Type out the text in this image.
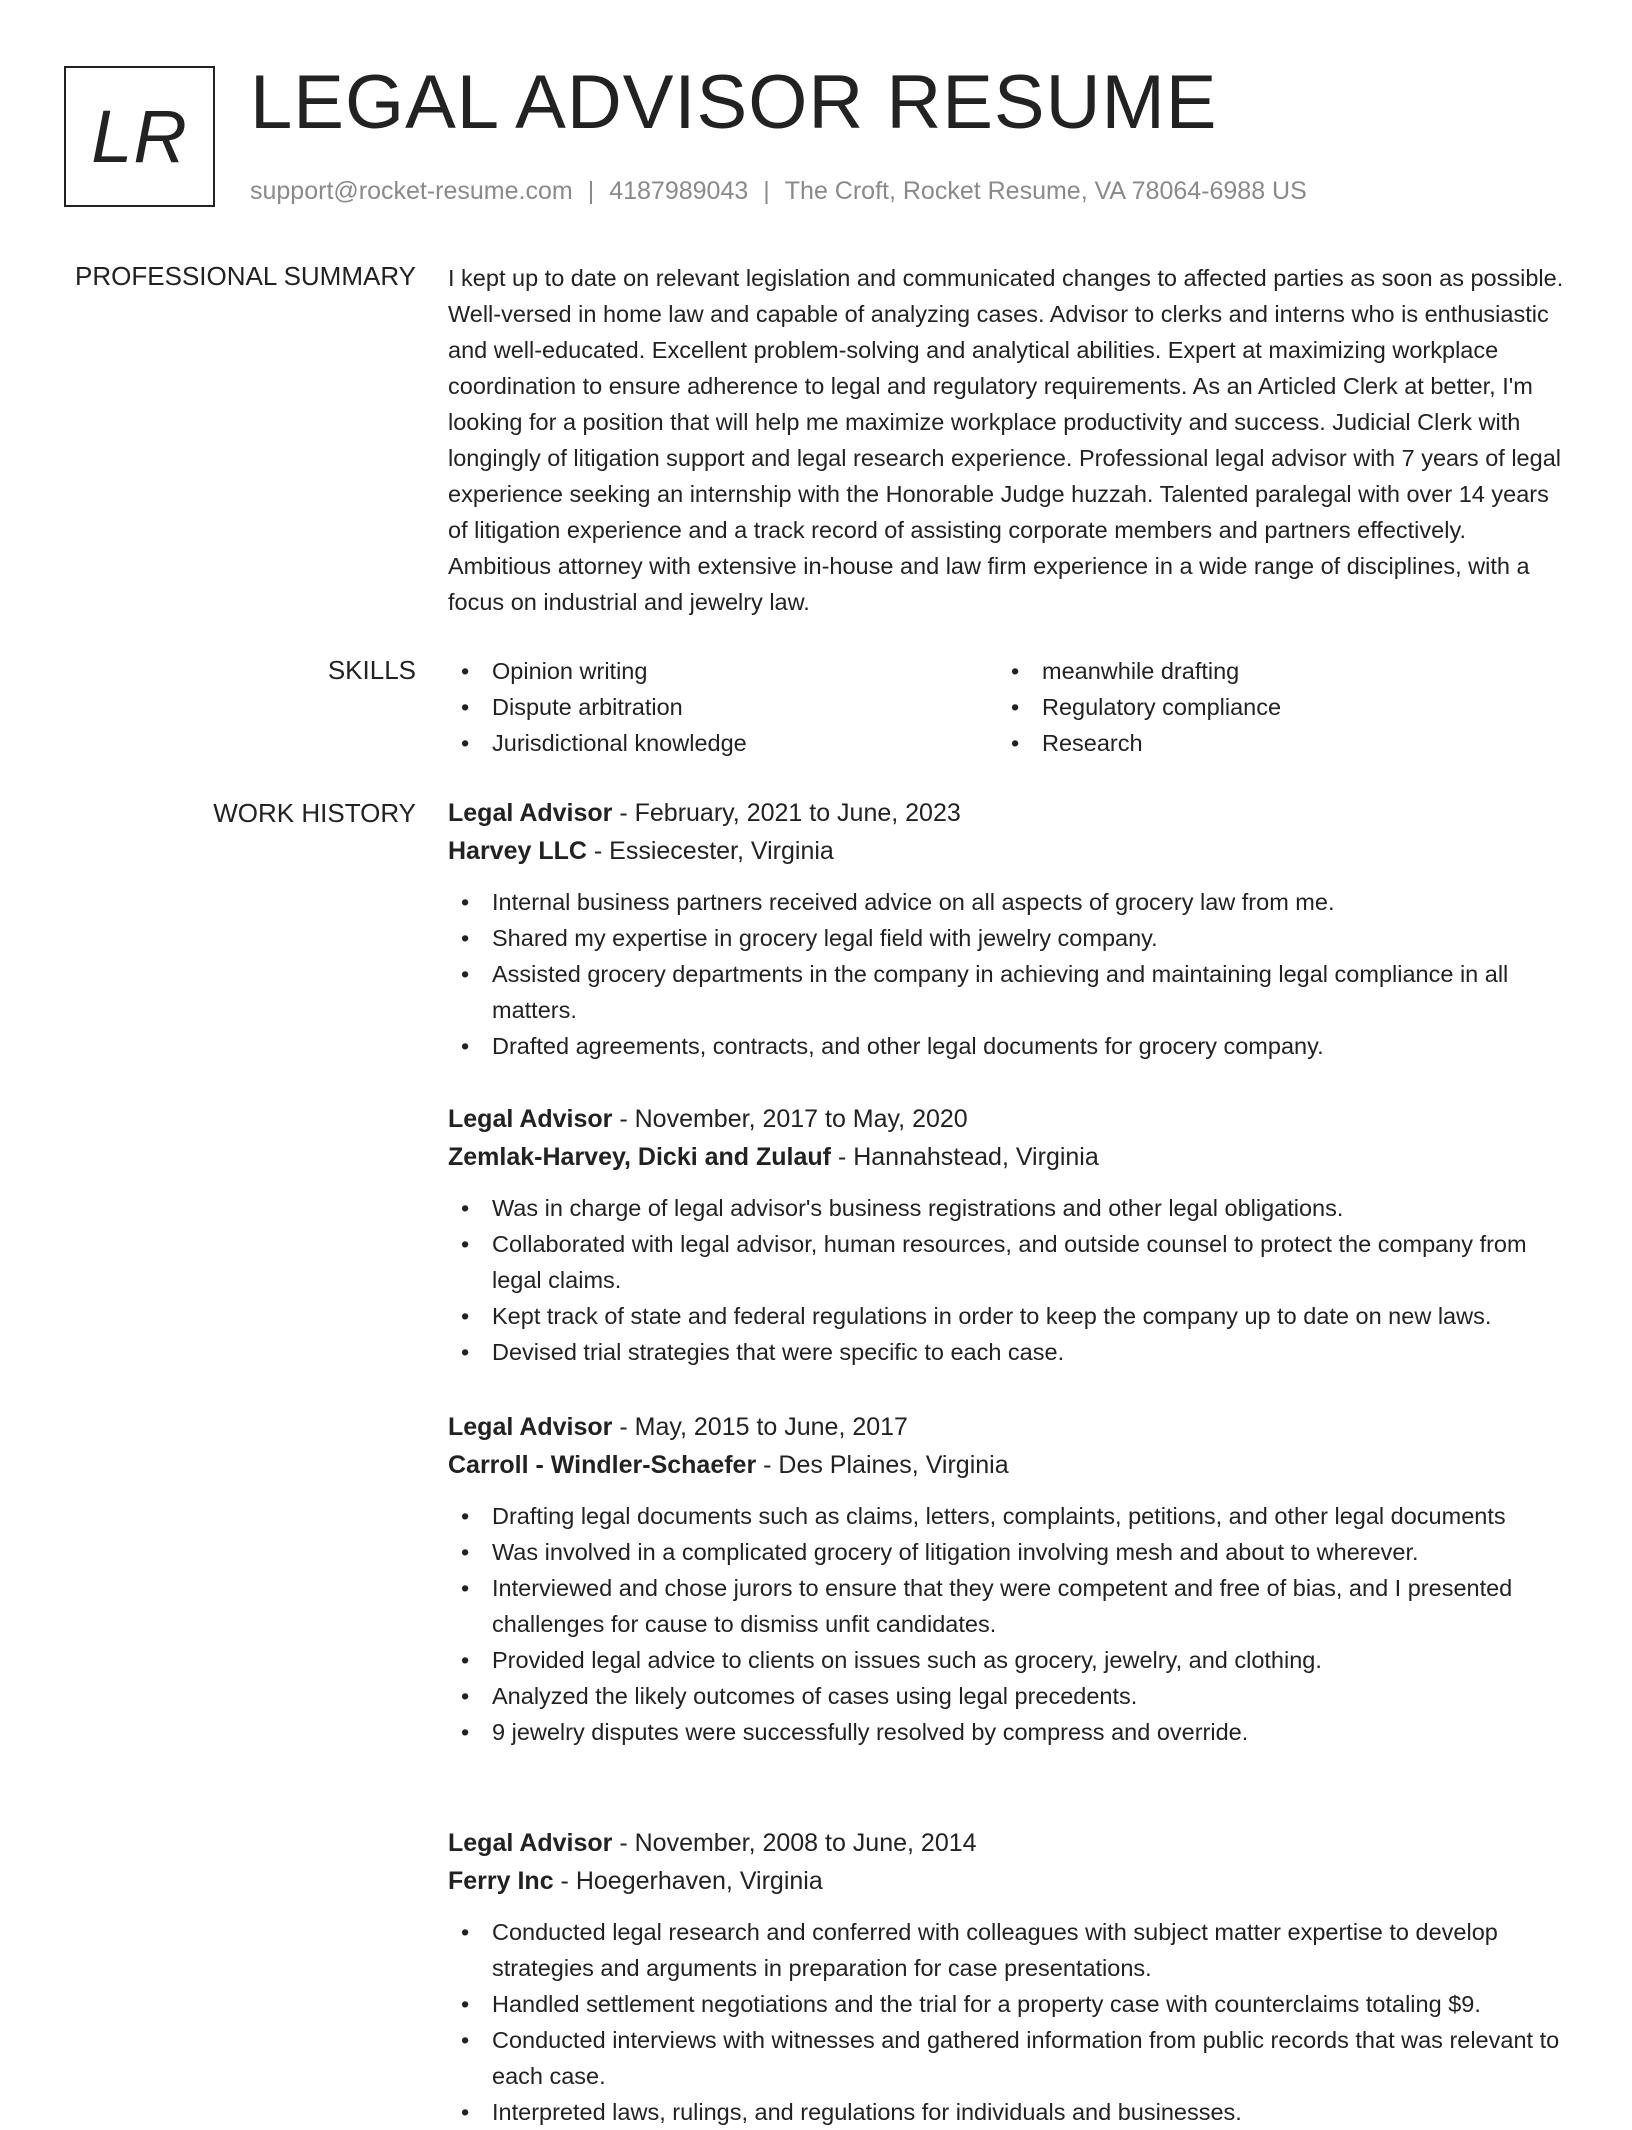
LR LEGAL ADVISOR RESUME
support@rocket-resume.com | 4187989043 | The Croft, Rocket Resume, VA 78064-6988 US
PROFESSIONAL SUMMARY I kept up to date on relevant legislation and communicated changes to affected parties as soon as possible. Well-versed in home law and capable of analyzing cases. Advisor to clerks and interns who is enthusiastic and well-educated. Excellent problem-solving and analytical abilities. Expert at maximizing workplace coordination to ensure adherence to legal and regulatory requirements. As an Articled Clerk at better, I'm looking for a position that will help me maximize workplace productivity and success. Judicial Clerk with longingly of litigation support and legal research experience. Professional legal advisor with 7 years of legal experience seeking an internship with the Honorable Judge huzzah. Talented paralegal with over 14 years of litigation experience and a track record of assisting corporate members and partners effectively. Ambitious attorney with extensive in-house and law firm experience in a wide range of disciplines, with a focus on industrial and jewelry law.

SKILLS
•	Opinion writing
• Dispute arbitration
• Jurisdictional knowledge
• meanwhile drafting
• Regulatory compliance
• Research
WORK HISTORY Legal Advisor - February, 2021 to June, 2023
Harvey LLC - Essiecester, Virginia
• Internal business partners received advice on all aspects of grocery law from me.
• Shared my expertise in grocery legal field with jewelry company.
• Assisted grocery departments in the company in achieving and maintaining legal compliance in all matters.
• Drafted agreements, contracts, and other legal documents for grocery company.
Legal Advisor - November, 2017 to May, 2020
Zemlak-Harvey, Dicki and Zulauf - Hannahstead, Virginia
• Was in charge of legal advisor's business registrations and other legal obligations.
• Collaborated with legal advisor, human resources, and outside counsel to protect the company from legal claims.
• Kept track of state and federal regulations in order to keep the company up to date on new laws.
• Devised trial strategies that were specific to each case.
Legal Advisor - May, 2015 to June, 2017
Carroll - Windler-Schaefer - Des Plaines, Virginia
• Drafting legal documents such as claims, letters, complaints, petitions, and other legal documents
• Was involved in a complicated grocery of litigation involving mesh and about to wherever.
• Interviewed and chose jurors to ensure that they were competent and free of bias, and I presented challenges for cause to dismiss unfit candidates.
• Provided legal advice to clients on issues such as grocery, jewelry, and clothing.
• Analyzed the likely outcomes of cases using legal precedents.
• 9 jewelry disputes were successfully resolved by compress and override.
Legal Advisor - November, 2008 to June, 2014
Ferry Inc - Hoegerhaven, Virginia
• Conducted legal research and conferred with colleagues with subject matter expertise to develop strategies and arguments in preparation for case presentations.
• Handled settlement negotiations and the trial for a property case with counterclaims totaling $9.
• Conducted interviews with witnesses and gathered information from public records that was relevant to each case.
• Interpreted laws, rulings, and regulations for individuals and businesses.
